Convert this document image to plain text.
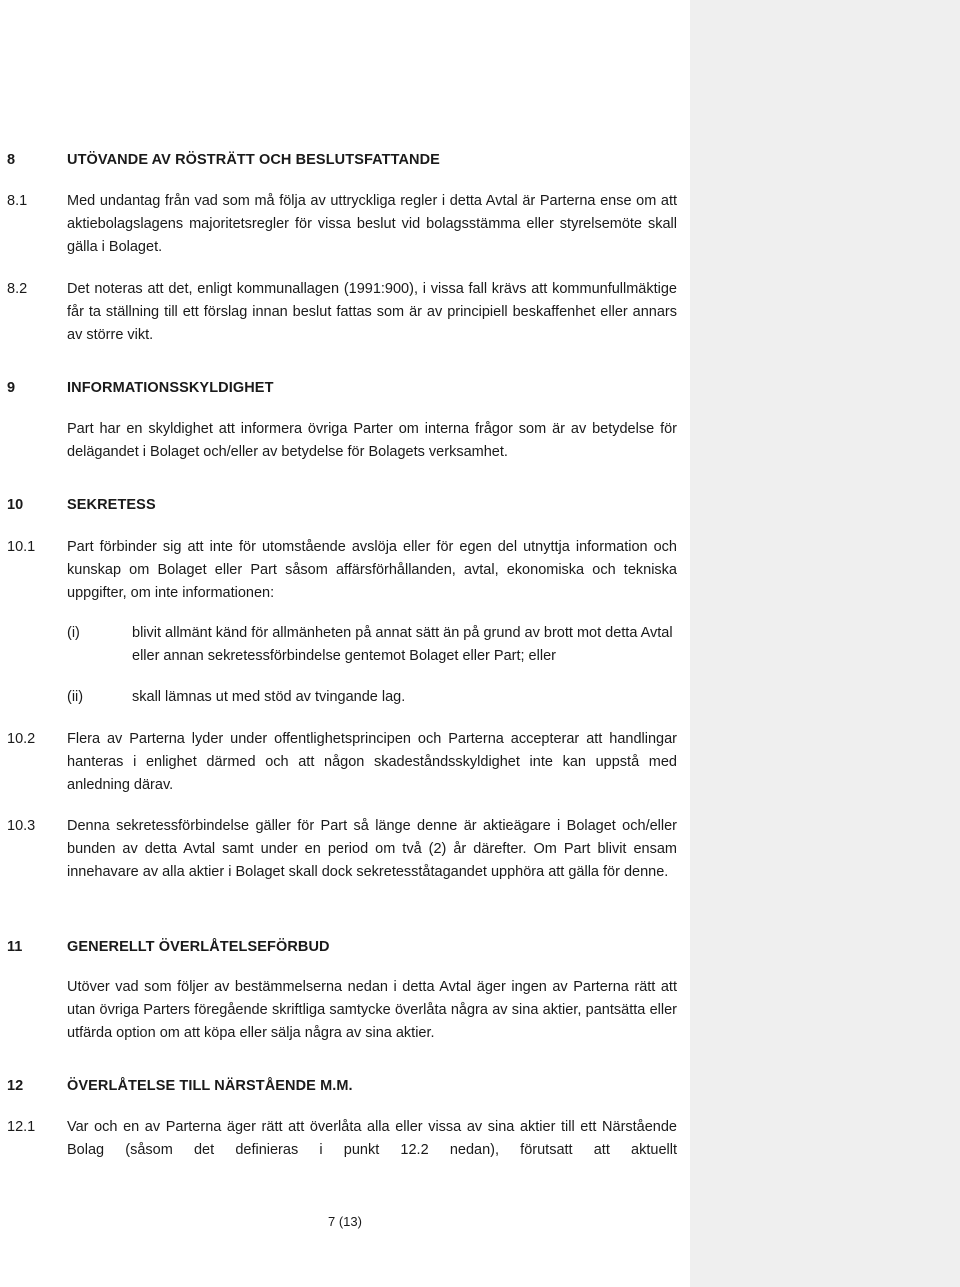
8	UTÖVANDE AV RÖSTRÄTT OCH BESLUTSFATTANDE
8.1	Med undantag från vad som må följa av uttryckliga regler i detta Avtal är Parterna ense om att aktiebolagslagens majoritetsregler för vissa beslut vid bolagsstämma eller styrelsemöte skall gälla i Bolaget.
8.2	Det noteras att det, enligt kommunallagen (1991:900), i vissa fall krävs att kommunfullmäktige får ta ställning till ett förslag innan beslut fattas som är av principiell beskaffenhet eller annars av större vikt.
9	INFORMATIONSSKYLDIGHET
Part har en skyldighet att informera övriga Parter om interna frågor som är av betydelse för delägandet i Bolaget och/eller av betydelse för Bolagets verksamhet.
10	SEKRETESS
10.1	Part förbinder sig att inte för utomstående avslöja eller för egen del utnyttja information och kunskap om Bolaget eller Part såsom affärsförhållanden, avtal, ekonomiska och tekniska uppgifter, om inte informationen:
(i)	blivit allmänt känd för allmänheten på annat sätt än på grund av brott mot detta Avtal eller annan sekretessförbindelse gentemot Bolaget eller Part; eller
(ii)	skall lämnas ut med stöd av tvingande lag.
10.2	Flera av Parterna lyder under offentlighetsprincipen och Parterna accepterar att handlingar hanteras i enlighet därmed och att någon skadeståndsskyldighet inte kan uppstå med anledning därav.
10.3	Denna sekretessförbindelse gäller för Part så länge denne är aktieägare i Bolaget och/eller bunden av detta Avtal samt under en period om två (2) år därefter. Om Part blivit ensam innehavare av alla aktier i Bolaget skall dock sekretesståtagandet upphöra att gälla för denne.
11	GENERELLT ÖVERLÅTELSEFÖRBUD
Utöver vad som följer av bestämmelserna nedan i detta Avtal äger ingen av Parterna rätt att utan övriga Parters föregående skriftliga samtycke överlåta några av sina aktier, pantsätta eller utfärda option om att köpa eller sälja några av sina aktier.
12	ÖVERLÅTELSE TILL NÄRSTÅENDE M.M.
12.1	Var och en av Parterna äger rätt att överlåta alla eller vissa av sina aktier till ett Närstående Bolag (såsom det definieras i punkt 12.2 nedan), förutsatt att aktuellt
7 (13)
